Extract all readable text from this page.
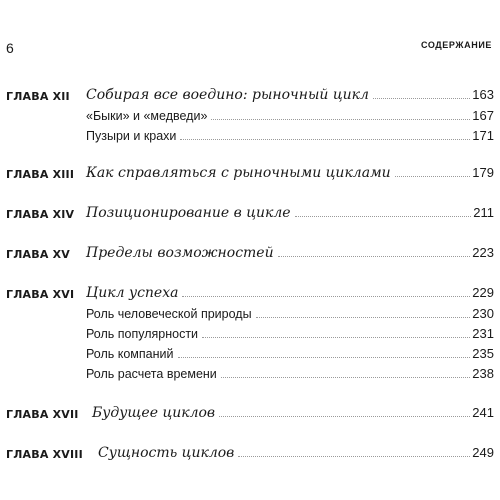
6	СОДЕРЖАНИЕ
ГЛАВА XII Собирая все воедино: рыночный цикл	163
«Быки» и «медведи»	167
Пузыри и крахи	171
ГЛАВА XIII Как справляться с рыночными циклами	179
ГЛАВА XIV Позиционирование в цикле	211
ГЛАВА XV Пределы возможностей	223
ГЛАВА XVI Цикл успеха	229
Роль человеческой природы	230
Роль популярности	231
Роль компаний	235
Роль расчета времени	238
ГЛАВА XVII Будущее циклов	241
ГЛАВА XVIII Сущность циклов	249
